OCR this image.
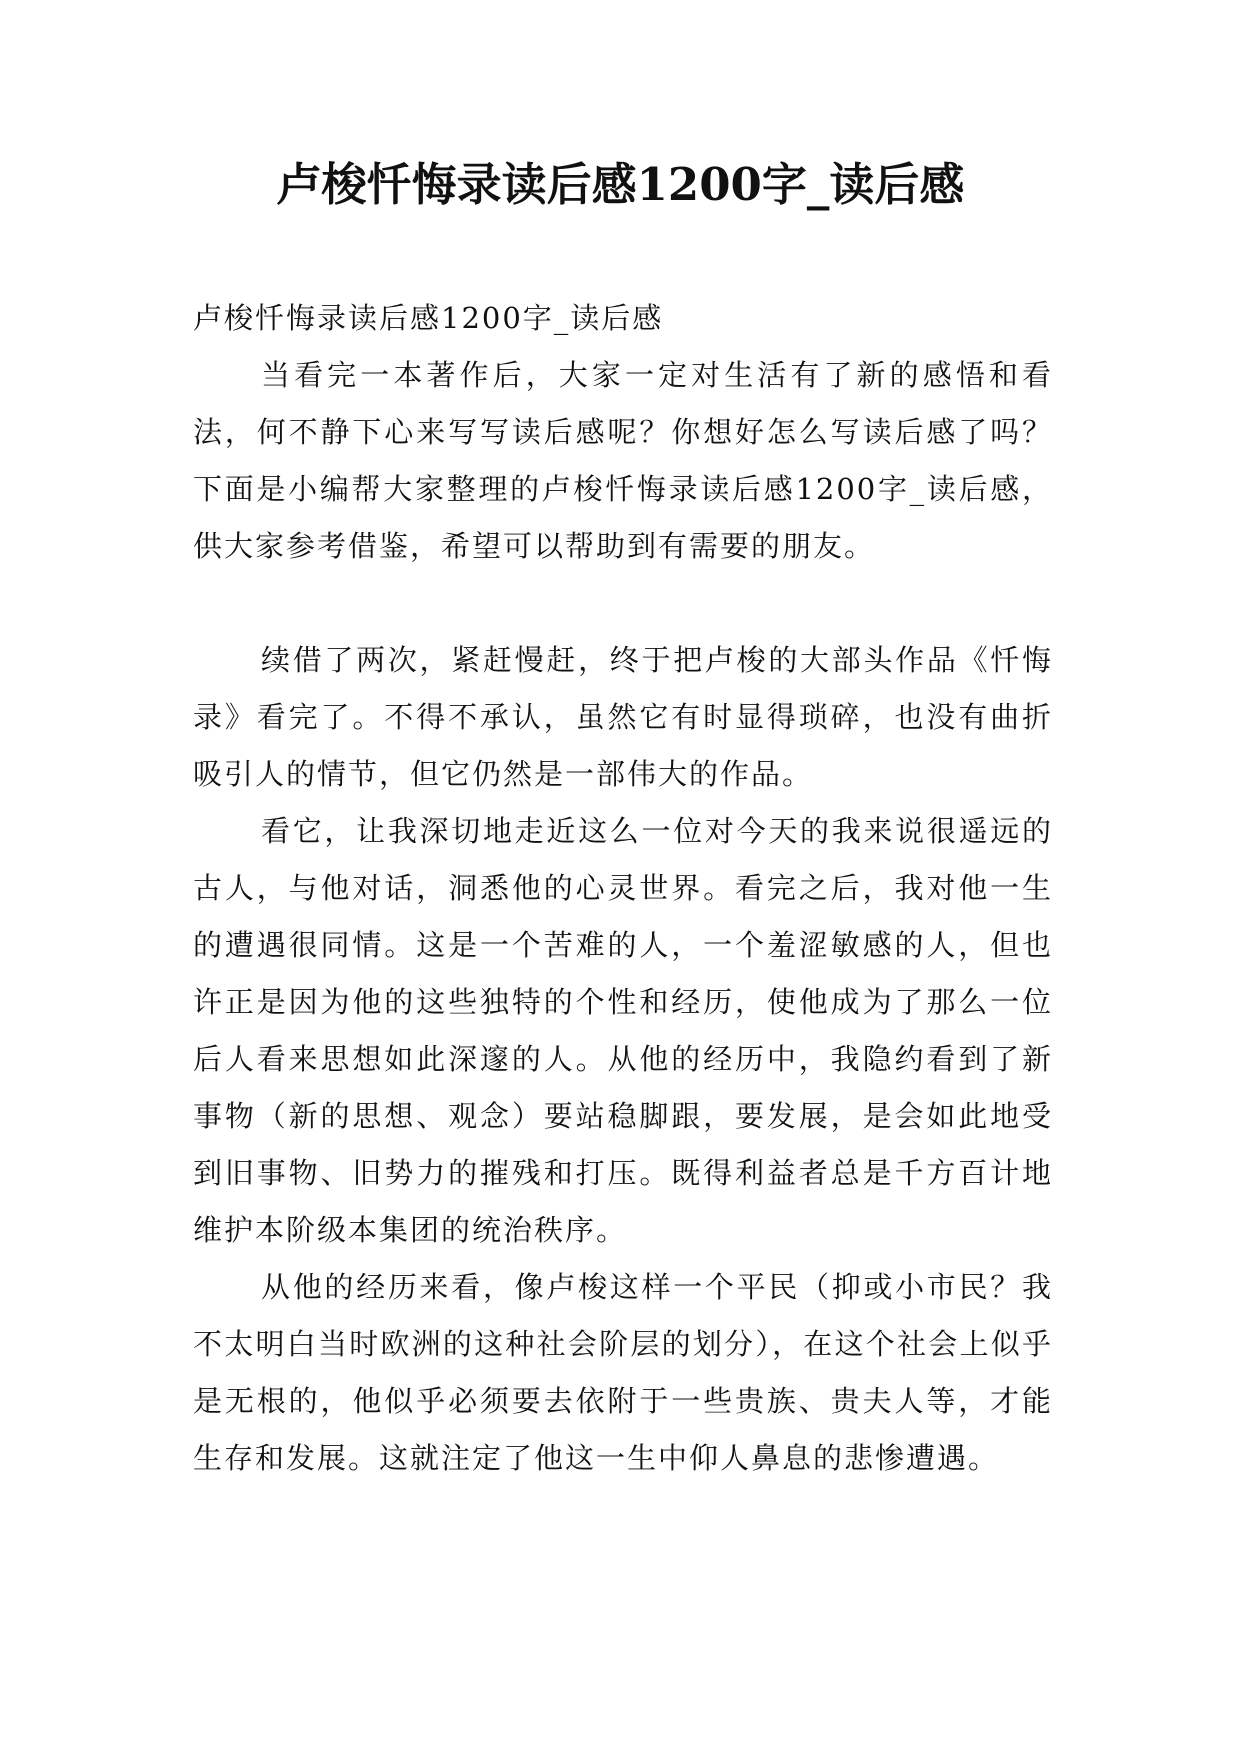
卢梭忏悔录读后感1200字_读后感

卢梭忏悔录读后感1200字_读后感

当看完一本著作后，大家一定对生活有了新的感悟和看法，何不静下心来写写读后感呢？你想好怎么写读后感了吗？下面是小编帮大家整理的卢梭忏悔录读后感1200字_读后感，供大家参考借鉴，希望可以帮助到有需要的朋友。

续借了两次，紧赶慢赶，终于把卢梭的大部头作品《忏悔录》看完了。不得不承认，虽然它有时显得琐碎，也没有曲折吸引人的情节，但它仍然是一部伟大的作品。

看它，让我深切地走近这么一位对今天的我来说很遥远的古人，与他对话，洞悉他的心灵世界。看完之后，我对他一生的遭遇很同情。这是一个苦难的人，一个羞涩敏感的人，但也许正是因为他的这些独特的个性和经历，使他成为了那么一位后人看来思想如此深邃的人。从他的经历中，我隐约看到了新事物（新的思想、观念）要站稳脚跟，要发展，是会如此地受到旧事物、旧势力的摧残和打压。既得利益者总是千方百计地维护本阶级本集团的统治秩序。

从他的经历来看，像卢梭这样一个平民（抑或小市民？我不太明白当时欧洲的这种社会阶层的划分），在这个社会上似乎是无根的，他似乎必须要去依附于一些贵族、贵夫人等，才能生存和发展。这就注定了他这一生中仰人鼻息的悲惨遭遇。
